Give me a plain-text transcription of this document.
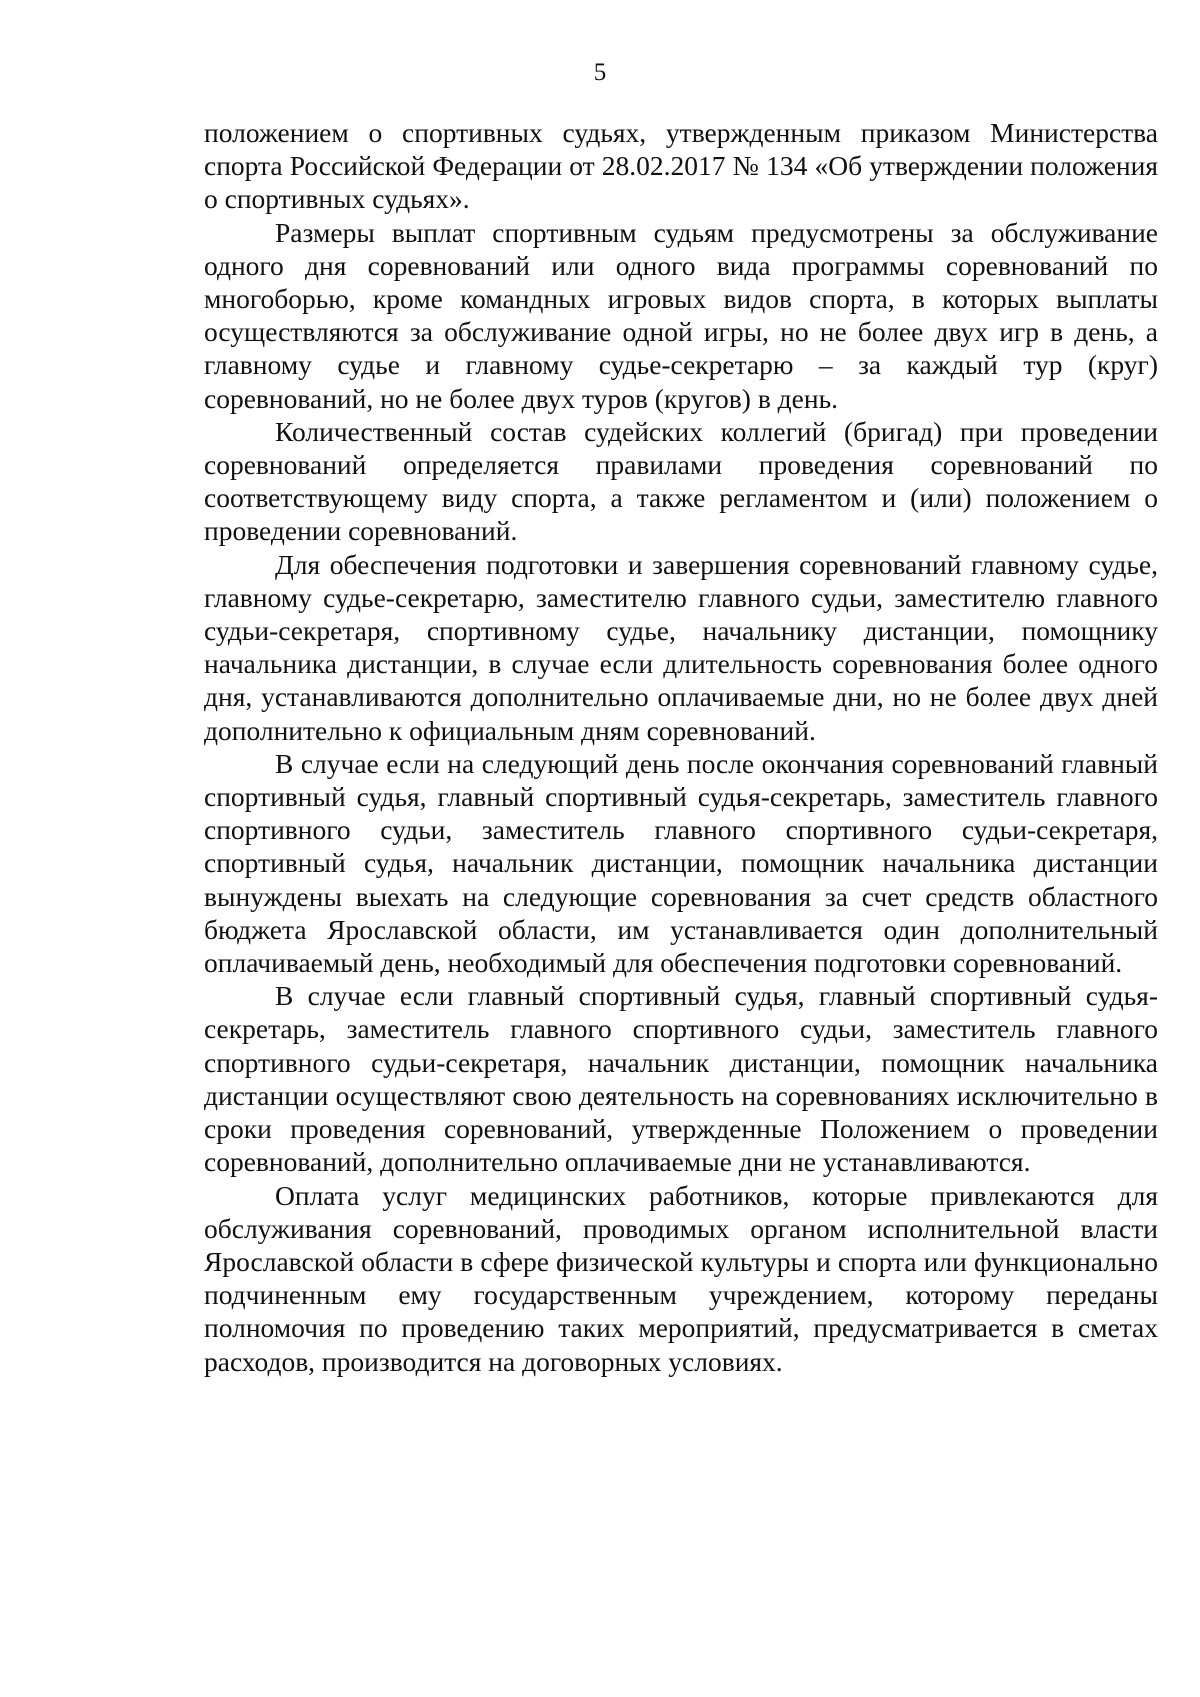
5

положением о спортивных судьях, утвержденным приказом Министерства спорта Российской Федерации от 28.02.2017 № 134 «Об утверждении положения о спортивных судьях».

Размеры выплат спортивным судьям предусмотрены за обслуживание одного дня соревнований или одного вида программы соревнований по многоборью, кроме командных игровых видов спорта, в которых выплаты осуществляются за обслуживание одной игры, но не более двух игр в день, а главному судье и главному судье-секретарю – за каждый тур (круг) соревнований, но не более двух туров (кругов) в день.

Количественный состав судейских коллегий (бригад) при проведении соревнований определяется правилами проведения соревнований по соответствующему виду спорта, а также регламентом и (или) положением о проведении соревнований.

Для обеспечения подготовки и завершения соревнований главному судье, главному судье-секретарю, заместителю главного судьи, заместителю главного судьи-секретаря, спортивному судье, начальнику дистанции, помощнику начальника дистанции, в случае если длительность соревнования более одного дня, устанавливаются дополнительно оплачиваемые дни, но не более двух дней дополнительно к официальным дням соревнований.

В случае если на следующий день после окончания соревнований главный спортивный судья, главный спортивный судья-секретарь, заместитель главного спортивного судьи, заместитель главного спортивного судьи-секретаря, спортивный судья, начальник дистанции, помощник начальника дистанции вынуждены выехать на следующие соревнования за счет средств областного бюджета Ярославской области, им устанавливается один дополнительный оплачиваемый день, необходимый для обеспечения подготовки соревнований.

В случае если главный спортивный судья, главный спортивный судья-секретарь, заместитель главного спортивного судьи, заместитель главного спортивного судьи-секретаря, начальник дистанции, помощник начальника дистанции осуществляют свою деятельность на соревнованиях исключительно в сроки проведения соревнований, утвержденные Положением о проведении соревнований, дополнительно оплачиваемые дни не устанавливаются.

Оплата услуг медицинских работников, которые привлекаются для обслуживания соревнований, проводимых органом исполнительной власти Ярославской области в сфере физической культуры и спорта или функционально подчиненным ему государственным учреждением, которому переданы полномочия по проведению таких мероприятий, предусматривается в сметах расходов, производится на договорных условиях.
